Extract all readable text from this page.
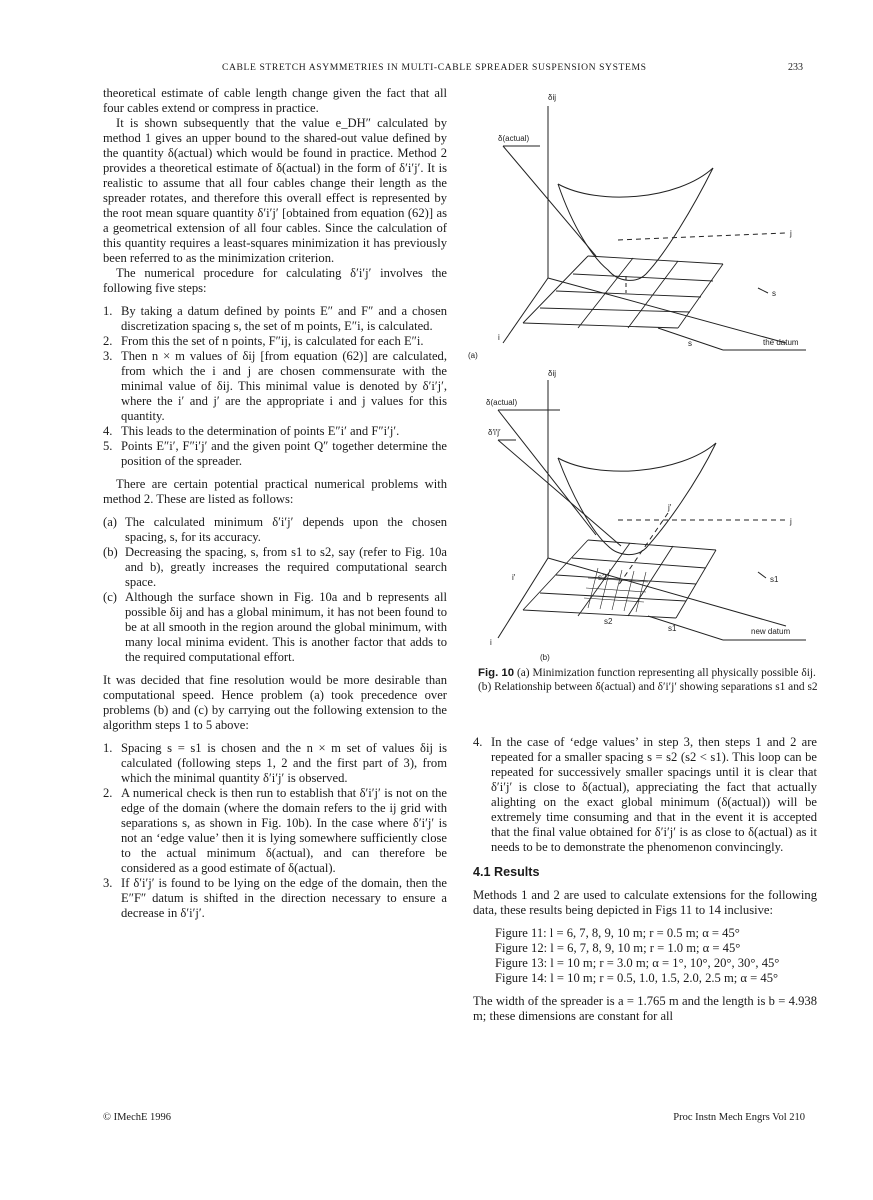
CABLE STRETCH ASYMMETRIES IN MULTI-CABLE SPREADER SUSPENSION SYSTEMS	233

theoretical estimate of cable length change given the fact that all four cables extend or compress in practice.

It is shown subsequently that the value e_DH″ calculated by method 1 gives an upper bound to the shared-out value defined by the quantity δ(actual) which would be found in practice. Method 2 provides a theoretical estimate of δ(actual) in the form of δ′i′j′. It is realistic to assume that all four cables change their length as the spreader rotates, and therefore this overall effect is represented by the root mean square quantity δ′i′j′ [obtained from equation (62)] as a geometrical extension of all four cables. Since the calculation of this quantity requires a least-squares minimization it has previously been referred to as the minimization criterion.

The numerical procedure for calculating δ′i′j′ involves the following five steps:

1. By taking a datum defined by points E″ and F″ and a chosen discretization spacing s, the set of m points, E″i, is calculated.
2. From this the set of n points, F″ij, is calculated for each E″i.
3. Then n × m values of δij [from equation (62)] are calculated, from which the i and j are chosen commensurate with the minimal value of δij. This minimal value is denoted by δ′i′j′, where the i′ and j′ are the appropriate i and j values for this quantity.
4. This leads to the determination of points E″i′ and F″i′j′.
5. Points E″i′, F″i′j′ and the given point Q″ together determine the position of the spreader.

There are certain potential practical numerical problems with method 2. These are listed as follows:

(a) The calculated minimum δ′i′j′ depends upon the chosen spacing, s, for its accuracy.
(b) Decreasing the spacing, s, from s1 to s2, say (refer to Fig. 10a and b), greatly increases the required computational search space.
(c) Although the surface shown in Fig. 10a and b represents all possible δij and has a global minimum, it has not been found to be at all smooth in the region around the global minimum, with many local minima evident. This is another factor that adds to the required computational effort.

It was decided that fine resolution would be more desirable than computational speed. Hence problem (a) took precedence over problems (b) and (c) by carrying out the following extension to the algorithm steps 1 to 5 above:

1. Spacing s = s1 is chosen and the n × m set of values δij is calculated (following steps 1, 2 and the first part of 3), from which the minimal quantity δ′i′j′ is observed.
2. A numerical check is then run to establish that δ′i′j′ is not on the edge of the domain (where the domain refers to the ij grid with separations s, as shown in Fig. 10b). In the case where δ′i′j′ is not an ‘edge value’ then it is lying somewhere sufficiently close to the actual minimum δ(actual), and can therefore be considered as a good estimate of δ(actual).
3. If δ′i′j′ is found to be lying on the edge of the domain, then the E″F″ datum is shifted in the direction necessary to ensure a decrease in δ′i′j′.
δij
δ(actual)
j
s
s
i
the datum
(a)
δij
δ(actual)
δ′i′j′
j′
j
i′	s2	s1
s2
s1
i
new datum
(b)
Fig. 10 (a) Minimization function representing all physically possible δij. (b) Relationship between δ(actual) and δ′i′j′ showing separations s1 and s2
4. In the case of ‘edge values’ in step 3, then steps 1 and 2 are repeated for a smaller spacing s = s2 (s2 < s1). This loop can be repeated for successively smaller spacings until it is clear that δ′i′j′ is close to δ(actual), appreciating the fact that actually alighting on the exact global minimum (δ(actual)) will be extremely time consuming and that in the event it is accepted that the final value obtained for δ′i′j′ is as close to δ(actual) as it needs to be to demonstrate the phenomenon convincingly.
4.1 Results

Methods 1 and 2 are used to calculate extensions for the following data, these results being depicted in Figs 11 to 14 inclusive:

Figure 11: l = 6, 7, 8, 9, 10 m; r = 0.5 m; α = 45°

Figure 12: l = 6, 7, 8, 9, 10 m; r = 1.0 m; α = 45°

Figure 13: l = 10 m; r = 3.0 m; α = 1°, 10°, 20°, 30°, 45°

Figure 14: l = 10 m; r = 0.5, 1.0, 1.5, 2.0, 2.5 m; α = 45°

The width of the spreader is a = 1.765 m and the length is b = 4.938 m; these dimensions are constant for all

© IMechE 1996	Proc Instn Mech Engrs Vol 210
